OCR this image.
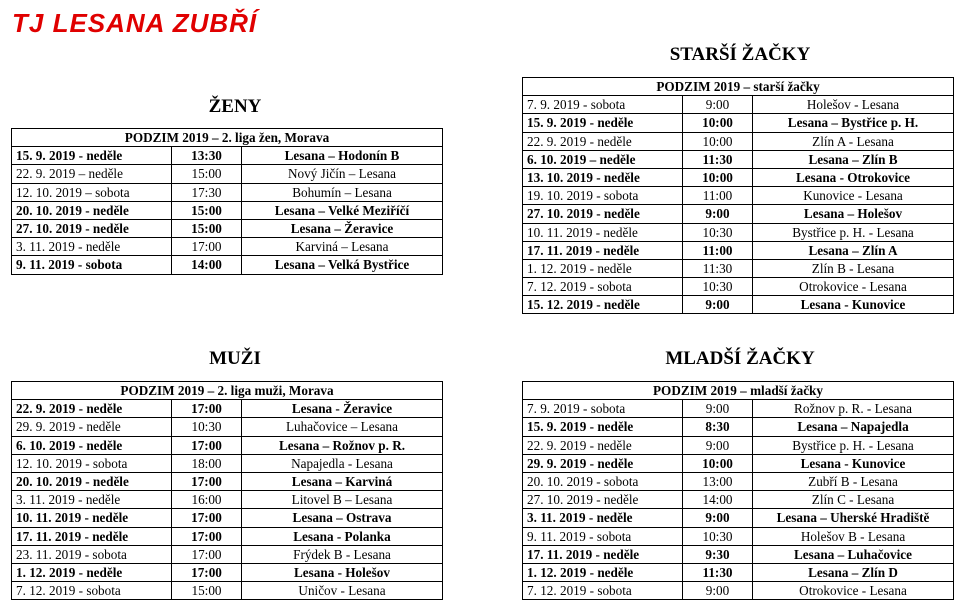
TJ LESANA ZUBŘÍ
ŽENY
PODZIM 2019 – 2. liga žen, Morava		
15. 9. 2019 - neděle	13:30	Lesana – Hodonín B
22. 9. 2019 – neděle	15:00	Nový Jičín – Lesana
12. 10. 2019 – sobota	17:30	Bohumín – Lesana
20. 10. 2019 - neděle	15:00	Lesana – Velké Meziříčí
27. 10. 2019 - neděle	15:00	Lesana – Žeravice
3. 11. 2019 - neděle	17:00	Karviná – Lesana
9. 11. 2019 - sobota	14:00	Lesana – Velká Bystřice
STARŠÍ ŽAČKY
PODZIM 2019 – starší žačky		
7. 9. 2019 - sobota	9:00	Holešov - Lesana
15. 9. 2019 - neděle	10:00	Lesana – Bystřice p. H.
22. 9. 2019 - neděle	10:00	Zlín A - Lesana
6. 10. 2019 – neděle	11:30	Lesana – Zlín B
13. 10. 2019 - neděle	10:00	Lesana - Otrokovice
19. 10. 2019 - sobota	11:00	Kunovice - Lesana
27. 10. 2019 - neděle	9:00	Lesana – Holešov
10. 11. 2019 - neděle	10:30	Bystřice p. H. - Lesana
17. 11. 2019 - neděle	11:00	Lesana – Zlín A
1. 12. 2019 - neděle	11:30	Zlín B - Lesana
7. 12. 2019 - sobota	10:30	Otrokovice - Lesana
15. 12. 2019 - neděle	9:00	Lesana - Kunovice
MUŽI
PODZIM 2019 – 2. liga muži, Morava		
22. 9. 2019 - neděle	17:00	Lesana - Žeravice
29. 9. 2019 - neděle	10:30	Luhačovice – Lesana
6. 10. 2019 - neděle	17:00	Lesana – Rožnov p. R.
12. 10. 2019 - sobota	18:00	Napajedla - Lesana
20. 10. 2019 - neděle	17:00	Lesana – Karviná
3. 11. 2019 - neděle	16:00	Litovel B – Lesana
10. 11. 2019 - neděle	17:00	Lesana – Ostrava
17. 11. 2019 - neděle	17:00	Lesana - Polanka
23. 11. 2019 - sobota	17:00	Frýdek B - Lesana
1. 12. 2019 - neděle	17:00	Lesana - Holešov
7. 12. 2019 - sobota	15:00	Uničov - Lesana
MLADŠÍ ŽAČKY
PODZIM 2019 – mladší žačky		
7. 9. 2019 - sobota	9:00	Rožnov p. R. - Lesana
15. 9. 2019 - neděle	8:30	Lesana – Napajedla
22. 9. 2019 - neděle	9:00	Bystřice p. H. - Lesana
29. 9. 2019 - neděle	10:00	Lesana - Kunovice
20. 10. 2019 - sobota	13:00	Zubří B - Lesana
27. 10. 2019 - neděle	14:00	Zlín C - Lesana
3. 11. 2019 - neděle	9:00	Lesana – Uherské Hradiště
9. 11. 2019 - sobota	10:30	Holešov B - Lesana
17. 11. 2019 - neděle	9:30	Lesana – Luhačovice
1. 12. 2019 - neděle	11:30	Lesana – Zlín D
7. 12. 2019 - sobota	9:00	Otrokovice - Lesana
